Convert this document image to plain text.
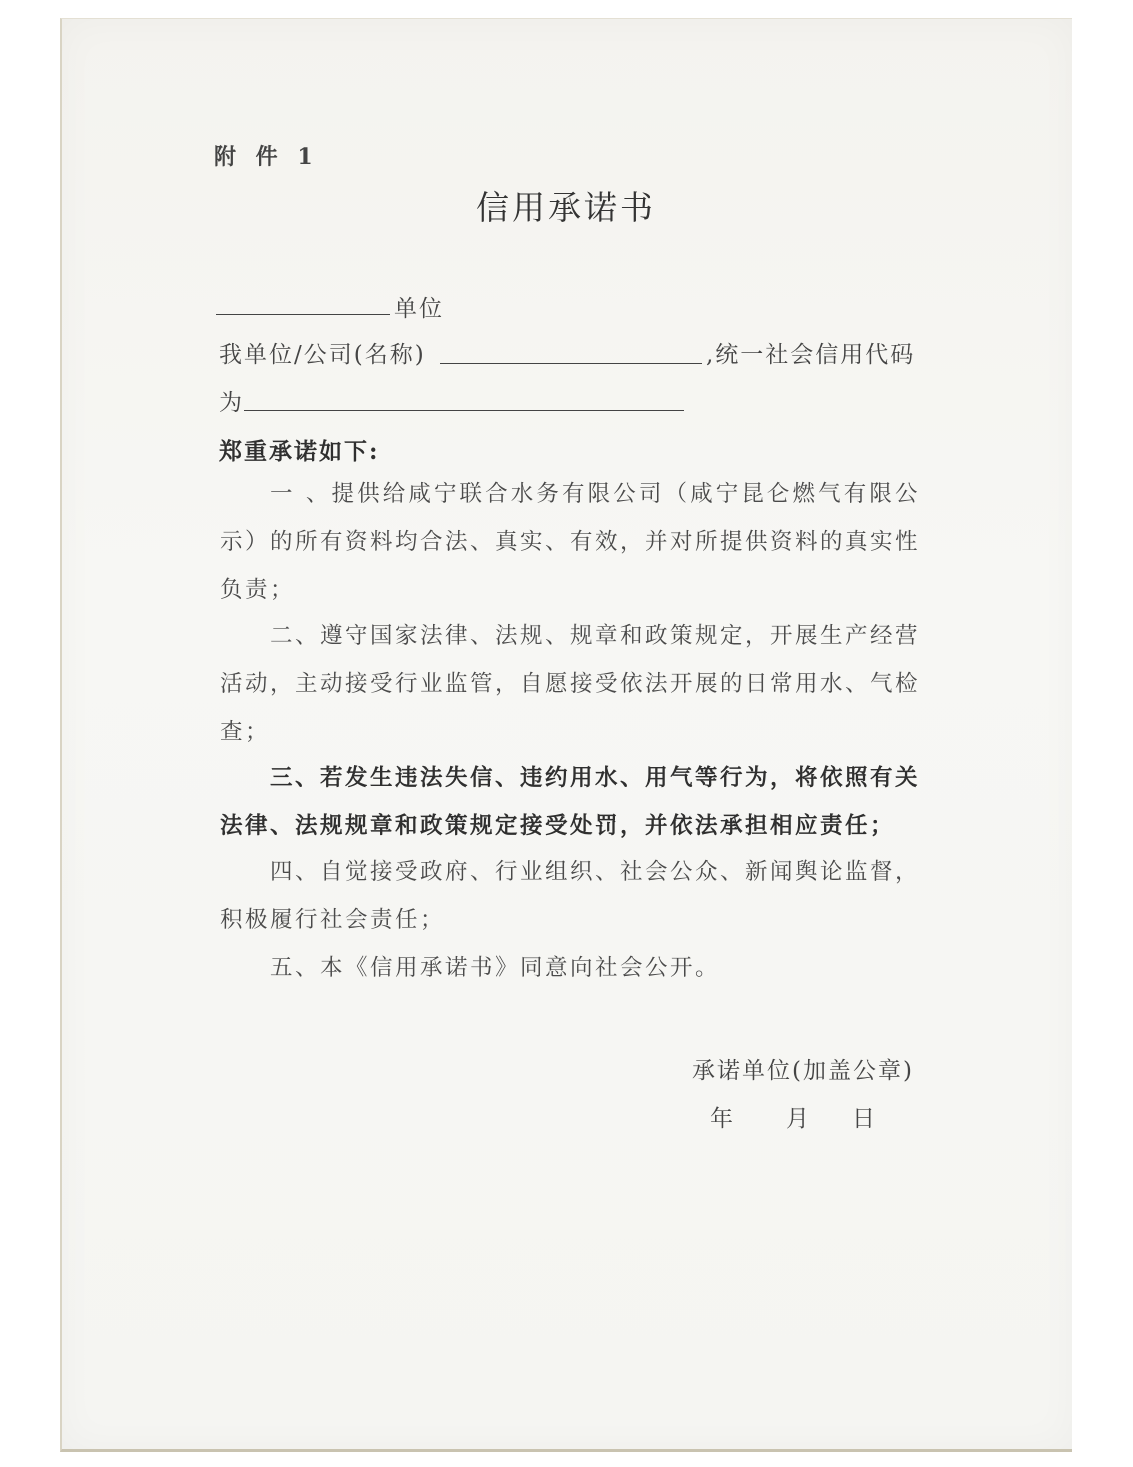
附 件 1
信用承诺书
单位
我单位/公司(名称)	,统一社会信用代码
为
郑重承诺如下:
一 、提供给咸宁联合水务有限公司（咸宁昆仑燃气有限公示）的所有资料均合法、真实、有效，并对所提供资料的真实性负责；
二、遵守国家法律、法规、规章和政策规定，开展生产经营活动，主动接受行业监管，自愿接受依法开展的日常用水、气检查；
三、若发生违法失信、违约用水、用气等行为，将依照有关法律、法规规章和政策规定接受处罚，并依法承担相应责任；
四、自觉接受政府、行业组织、社会公众、新闻舆论监督，积极履行社会责任；
五、本《信用承诺书》同意向社会公开。
承诺单位(加盖公章)
年 月 日
